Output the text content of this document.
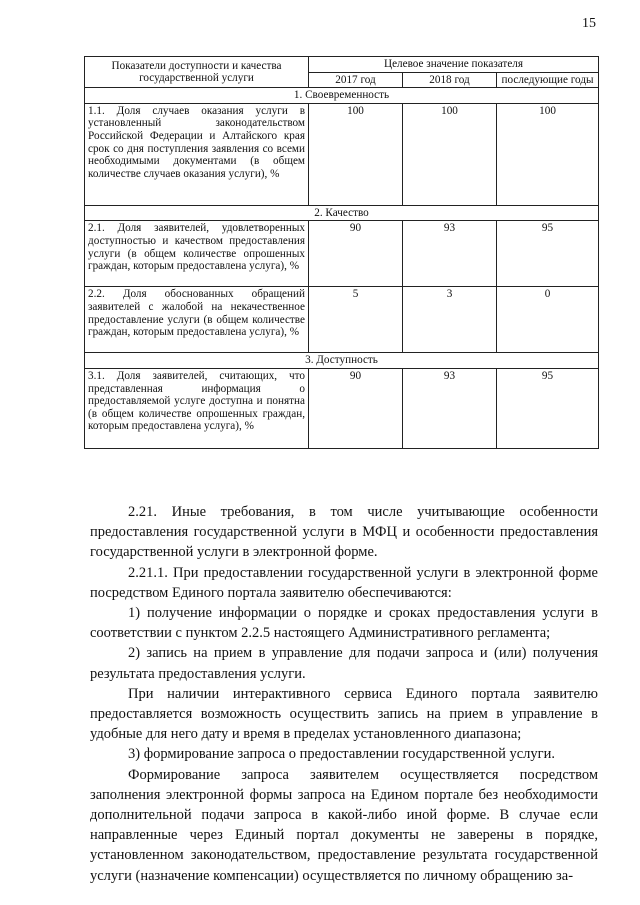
15
Показатели доступности и качества государственной услуги	Целевое значение показателя		
	2017 год	2018 год	последующие годы
1. Своевременность			
1.1. Доля случаев оказания услуги в установленный законодательством Российской Федерации и Алтайского края срок со дня поступления заявления со всеми необходимыми документами (в общем количестве случаев оказания услуги), %	100	100	100
2. Качество			
2.1. Доля заявителей, удовлетворенных доступностью и качеством предоставления услуги (в общем количестве опрошенных граждан, которым предоставлена услуга), %	90	93	95
2.2. Доля обоснованных обращений заявителей с жалобой на некачественное предоставление услуги (в общем количестве граждан, которым предоставлена услуга), %	5	3	0
3. Доступность			
3.1. Доля заявителей, считающих, что представленная информация о предоставляемой услуге доступна и понятна (в общем количестве опрошенных граждан, которым предоставлена услуга), %	90	93	95

2.21. Иные требования, в том числе учитывающие особенности предоставления государственной услуги в МФЦ и особенности предоставления государственной услуги в электронной форме.

2.21.1. При предоставлении государственной услуги в электронной форме посредством Единого портала заявителю обеспечиваются:

1) получение информации о порядке и сроках предоставления услуги в соответствии с пунктом 2.2.5 настоящего Административного регламента;

2) запись на прием в управление для подачи запроса и (или) получения результата предоставления услуги.

При наличии интерактивного сервиса Единого портала заявителю предоставляется возможность осуществить запись на прием в управление в удобные для него дату и время в пределах установленного диапазона;

3) формирование запроса о предоставлении государственной услуги.

Формирование запроса заявителем осуществляется посредством заполнения электронной формы запроса на Едином портале без необходимости дополнительной подачи запроса в какой-либо иной форме. В случае если направленные через Единый портал документы не заверены в порядке, установленном законодательством, предоставление результата государственной услуги (назначение компенсации) осуществляется по личному обращению за-
